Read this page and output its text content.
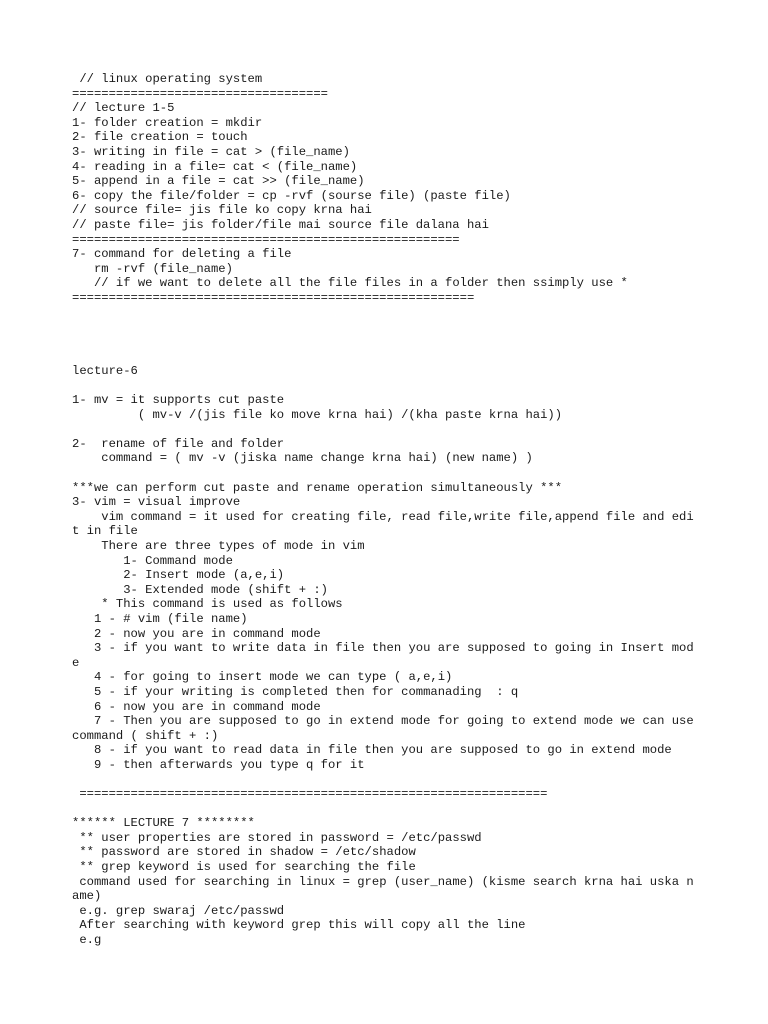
// linux operating system
===================================
// lecture 1-5
1- folder creation = mkdir
2- file creation = touch
3- writing in file = cat > (file_name)
4- reading in a file= cat < (file_name)
5- append in a file = cat >> (file_name)
6- copy the file/folder = cp -rvf (sourse file) (paste file)
// source file= jis file ko copy krna hai
// paste file= jis folder/file mai source file dalana hai
=====================================================
7- command for deleting a file
rm -rvf (file_name)
// if we want to delete all the file files in a folder then ssimply use *
=======================================================
lecture-6
1- mv = it supports cut paste
( mv-v /(jis file ko move krna hai) /(kha paste krna hai))
2-  rename of file and folder
command = ( mv -v (jiska name change krna hai) (new name) )
***we can perform cut paste and rename operation simultaneously ***
3- vim = visual improve
vim command = it used for creating file, read file,write file,append file and edit in file
There are three types of mode in vim
1- Command mode
2- Insert mode (a,e,i)
3- Extended mode (shift + :)
* This command is used as follows
1 - # vim (file name)
2 - now you are in command mode
3 - if you want to write data in file then you are supposed to going in Insert mode
4 - for going to insert mode we can type ( a,e,i)
5 - if your writing is completed then for commanading  : q
6 - now you are in command mode
7 - Then you are supposed to go in extend mode for going to extend mode we can use command ( shift + :)
8 - if you want to read data in file then you are supposed to go in extend mode
9 - then afterwards you type q for it
================================================================
****** LECTURE 7 ********
** user properties are stored in password = /etc/passwd
** password are stored in shadow = /etc/shadow
** grep keyword is used for searching the file
command used for searching in linux = grep (user_name) (kisme search krna hai uska name)
e.g. grep swaraj /etc/passwd
After searching with keyword grep this will copy all the line
e.g
